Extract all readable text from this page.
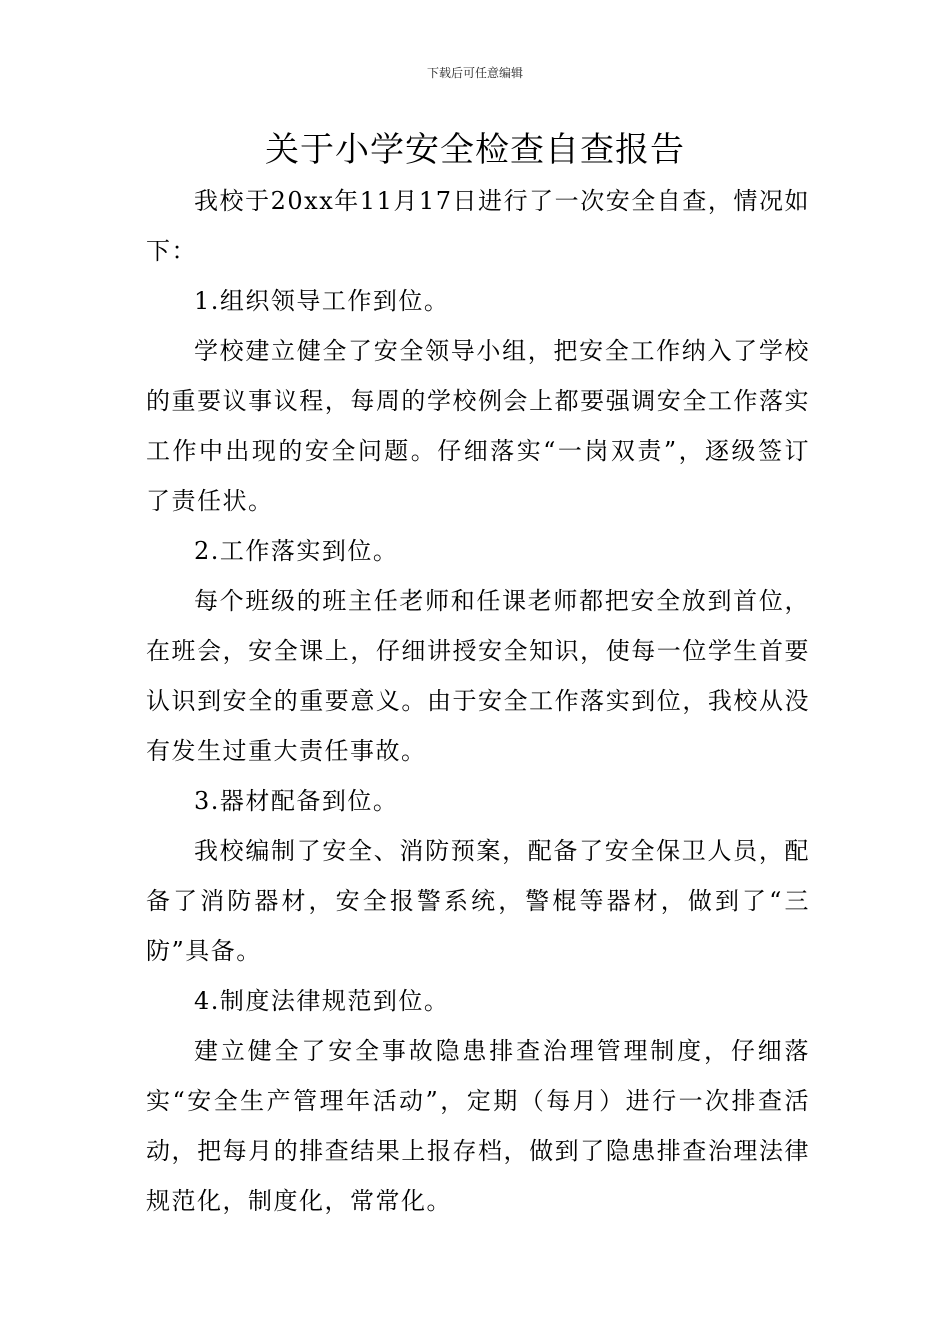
下载后可任意编辑
关于小学安全检查自查报告

我校于20xx年11月17日进行了一次安全自查，情况如下：

1.组织领导工作到位。

学校建立健全了安全领导小组，把安全工作纳入了学校的重要议事议程，每周的学校例会上都要强调安全工作落实工作中出现的安全问题。仔细落实“一岗双责”，逐级签订了责任状。

2.工作落实到位。

每个班级的班主任老师和任课老师都把安全放到首位，在班会，安全课上，仔细讲授安全知识，使每一位学生首要认识到安全的重要意义。由于安全工作落实到位，我校从没有发生过重大责任事故。

3.器材配备到位。

我校编制了安全、消防预案，配备了安全保卫人员，配备了消防器材，安全报警系统，警棍等器材，做到了“三防”具备。

4.制度法律规范到位。

建立健全了安全事故隐患排查治理管理制度，仔细落实“安全生产管理年活动”，定期（每月）进行一次排查活动，把每月的排查结果上报存档，做到了隐患排查治理法律规范化，制度化，常常化。
